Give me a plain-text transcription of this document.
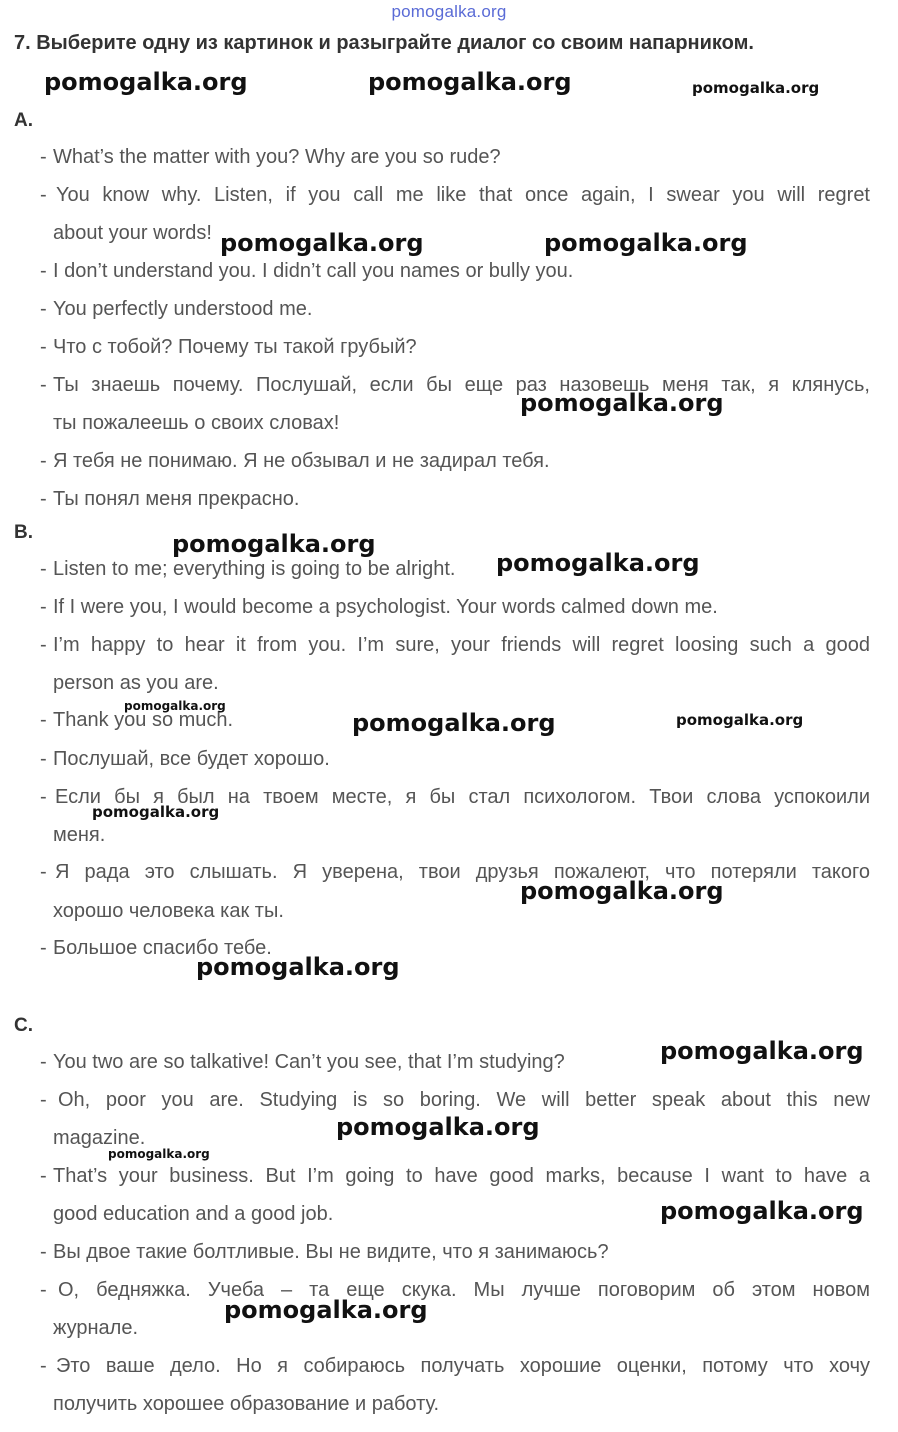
pomogalka.org
7. Выберите одну из картинок и разыграйте диалог со своим напарником.
A.
- What’s the matter with you? Why are you so rude?
- You know why. Listen, if you call me like that once again, I swear you will regret
about your words!
- I don’t understand you. I didn’t call you names or bully you.
- You perfectly understood me.
- Что с тобой? Почему ты такой грубый?
- Ты знаешь почему. Послушай, если бы еще раз назовешь меня так, я клянусь,
ты пожалеешь о своих словах!
- Я тебя не понимаю. Я не обзывал и не задирал тебя.
- Ты понял меня прекрасно.
B.
- Listen to me; everything is going to be alright.
- If I were you, I would become a psychologist. Your words calmed down me.
- I’m happy to hear it from you. I’m sure, your friends will regret loosing such a good
person as you are.
- Thank you so much.
- Послушай, все будет хорошо.
- Если бы я был на твоем месте, я бы стал психологом. Твои слова успокоили
меня.
- Я рада это слышать. Я уверена, твои друзья пожалеют, что потеряли такого
хорошо человека как ты.
- Большое спасибо тебе.
C.
- You two are so talkative! Can’t you see, that I’m studying?
- Oh, poor you are. Studying is so boring. We will better speak about this new
magazine.
- That’s your business. But I’m going to have good marks, because I want to have a
good education and a good job.
- Вы двое такие болтливые. Вы не видите, что я занимаюсь?
- О, бедняжка. Учеба – та еще скука. Мы лучше поговорим об этом новом
журнале.
- Это ваше дело. Но я собираюсь получать хорошие оценки, потому что хочу
получить хорошее образование и работу.
pomogalka.org	pomogalka.org	pomogalka.org
pomogalka.org	pomogalka.org
pomogalka.org
pomogalka.org
pomogalka.org
pomogalka.org
pomogalka.org	pomogalka.org
pomogalka.org
pomogalka.org
pomogalka.org
pomogalka.org
pomogalka.org
pomogalka.org
pomogalka.org
pomogalka.org
